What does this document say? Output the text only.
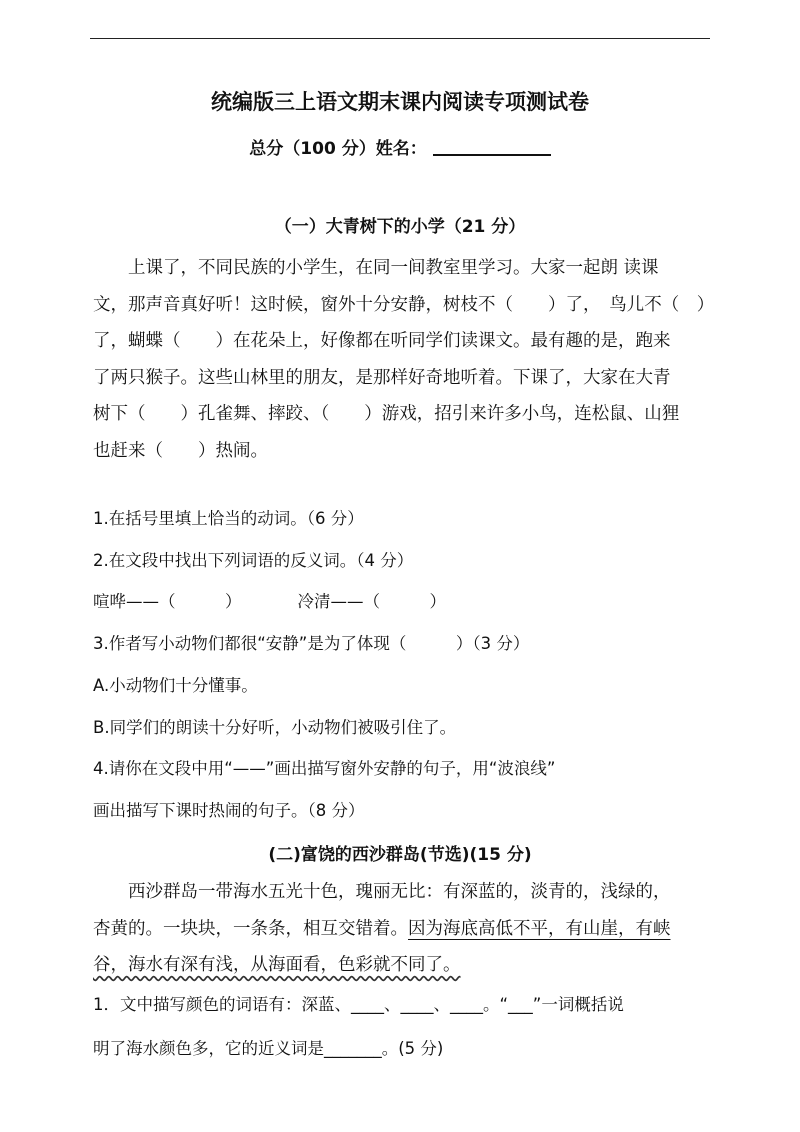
统编版三上语文期末课内阅读专项测试卷
总分（100 分）姓名：
（一）大青树下的小学（21 分）

　　上课了，不同民族的小学生，在同一间教室里学习。大家一起朗 读课

文，那声音真好听！这时候，窗外十分安静，树枝不（　　）了，　鸟儿不（　）

了，蝴蝶（　　）在花朵上，好像都在听同学们读课文。最有趣的是，跑来

了两只猴子。这些山林里的朋友，是那样好奇地听着。下课了，大家在大青

树下（　　）孔雀舞、摔跤、（　　）游戏，招引来许多小鸟，连松鼠、山狸

也赶来（　　）热闹。

1.在括号里填上恰当的动词。（6 分）
2.在文段中找出下列词语的反义词。（4 分）
喧哗——（　　　）	冷清——（　　　）
3.作者写小动物们都很“安静”是为了体现（　　　）（3 分）
A.小动物们十分懂事。
B.同学们的朗读十分好听，小动物们被吸引住了。
4.请你在文段中用“——”画出描写窗外安静的句子，用“波浪线”
画出描写下课时热闹的句子。（8 分）
(二)富饶的西沙群岛(节选)(15 分)

　　西沙群岛一带海水五光十色，瑰丽无比：有深蓝的，淡青的，浅绿的，

杏黄的。一块块，一条条，相互交错着。因为海底高低不平，有山崖，有峡

谷，海水有深有浅，从海面看，色彩就不同了。

1．文中描写颜色的词语有：深蓝、____、____、____。“___”一词概括说
明了海水颜色多，它的近义词是_______。(5 分)
